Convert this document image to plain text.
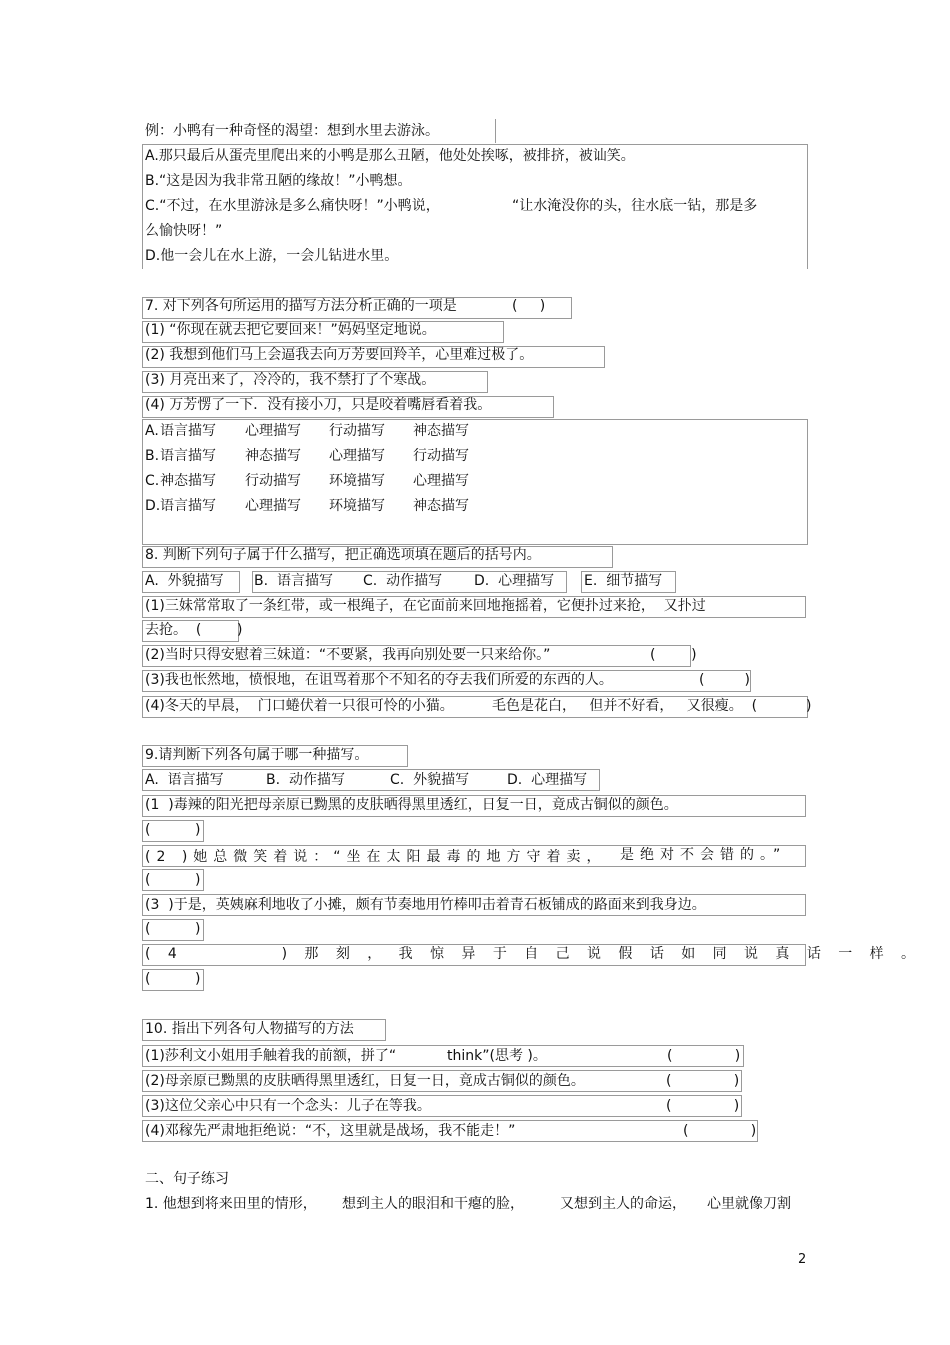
例：小鸭有一种奇怪的渴望：想到水里去游泳。
A.那只最后从蛋壳里爬出来的小鸭是那么丑陋，他处处挨啄，被排挤，被讪笑。
B.“这是因为我非常丑陋的缘故！”小鸭想。
C.“不过，在水里游泳是多么痛快呀！”小鸭说，	“让水淹没你的头，往水底一钻，那是多
么愉快呀！”
D.他一会儿在水上游，一会儿钻进水里。
7. 对下列各句所运用的描写方法分析正确的一项是	(     )
(1) “你现在就去把它要回来！”妈妈坚定地说。
(2) 我想到他们马上会逼我去向万芳要回羚羊，心里难过极了。
(3) 月亮出来了，冷冷的，我不禁打了个寒战。
(4) 万芳愣了一下．没有接小刀，只是咬着嘴唇看着我。
A. 语言描写 心理描写 行动描写 神态描写
B. 语言描写 神态描写 心理描写 行动描写
C. 神态描写 行动描写 环境描写 心理描写
D. 语言描写 心理描写 环境描写 神态描写
8. 判断下列句子属于什么描写，把正确选项填在题后的括号内。
A.  外貌描写 B.  语言描写 C.  动作描写 D.  心理描写 E.  细节描写
(1)三妹常常取了一条红带，或一根绳子，在它面前来回地拖摇着，它便扑过来抢，  又扑过
去抢。  (        )
(2)当时只得安慰着三妹道：“不要紧，我再向别处要一只来给你。”	(        )
(3)我也怅然地，愤恨地，在诅骂着那个不知名的夺去我们所爱的东西的人。	(         )
(4)冬天的早晨，  门口蜷伏着一只很可怜的小猫。	毛色是花白，   但并不好看，   又很瘦。  (           )
9.请判断下列各句属于哪一种描写。
A.  语言描写	B.  动作描写	C.  外貌描写	D.  心理描写
(1  )毒辣的阳光把母亲原已黝黑的皮肤晒得黑里透红，日复一日，竟成古铜似的颜色。
(          )
(2 )她总微笑着说：“坐在太阳最毒的地方守着卖， 是绝对不会错的。”
(          )
(3  )于是，英姨麻利地收了小摊，颇有节奏地用竹棒叩击着青石板铺成的路面来到我身边。
(          )
(4    )那刻，我惊异于自己说假话如同说真话一样。
(          )
10. 指出下列各句人物描写的方法
(1)莎利文小姐用手触着我的前额，拼了“	think”(思考 )。	(              )
(2)母亲原已黝黑的皮肤晒得黑里透红，日复一日，竟成古铜似的颜色。	(              )
(3)这位父亲心中只有一个念头：儿子在等我。	(              )
(4)邓稼先严肃地拒绝说：“不，这里就是战场，我不能走！”	(              )
二、句子练习
1. 他想到将来田里的情形， 想到主人的眼泪和干瘪的脸，	又想到主人的命运， 心里就像刀割
2
